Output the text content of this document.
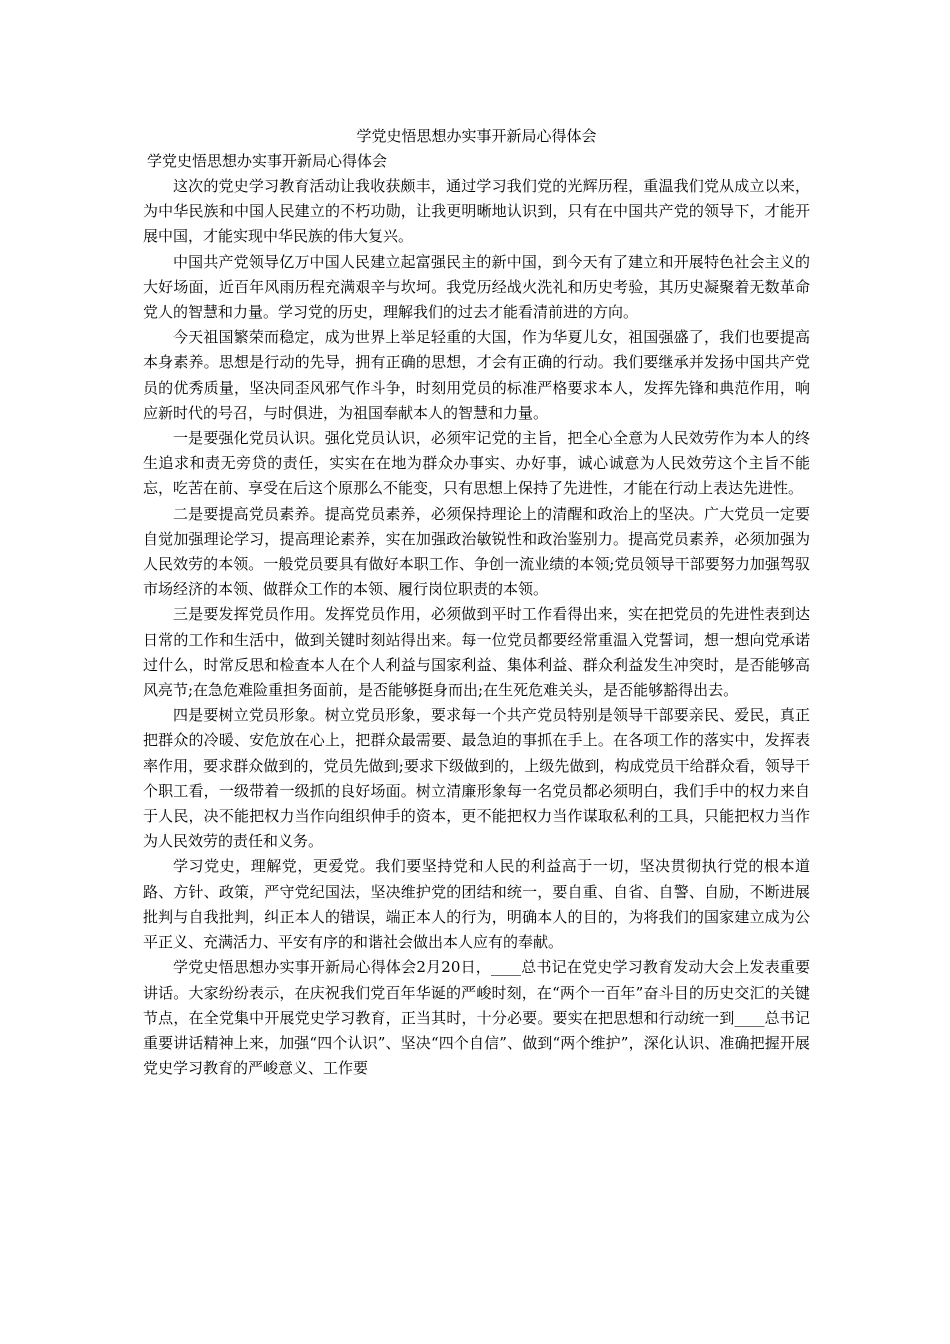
学党史悟思想办实事开新局心得体会
学党史悟思想办实事开新局心得体会

这次的党史学习教育活动让我收获颇丰，通过学习我们党的光辉历程，重温我们党从成立以来，为中华民族和中国人民建立的不朽功勋，让我更明晰地认识到，只有在中国共产党的领导下，才能开展中国，才能实现中华民族的伟大复兴。

中国共产党领导亿万中国人民建立起富强民主的新中国，到今天有了建立和开展特色社会主义的大好场面，近百年风雨历程充满艰辛与坎坷。我党历经战火洗礼和历史考验，其历史凝聚着无数革命党人的智慧和力量。学习党的历史，理解我们的过去才能看清前进的方向。

今天祖国繁荣而稳定，成为世界上举足轻重的大国，作为华夏儿女，祖国强盛了，我们也要提高本身素养。思想是行动的先导，拥有正确的思想，才会有正确的行动。我们要继承并发扬中国共产党员的优秀质量，坚决同歪风邪气作斗争，时刻用党员的标准严格要求本人，发挥先锋和典范作用，响应新时代的号召，与时俱进，为祖国奉献本人的智慧和力量。

一是要强化党员认识。强化党员认识，必须牢记党的主旨，把全心全意为人民效劳作为本人的终生追求和责无旁贷的责任，实实在在地为群众办事实、办好事，诚心诚意为人民效劳这个主旨不能忘，吃苦在前、享受在后这个原那么不能变，只有思想上保持了先进性，才能在行动上表达先进性。

二是要提高党员素养。提高党员素养，必须保持理论上的清醒和政治上的坚决。广大党员一定要自觉加强理论学习，提高理论素养，实在加强政治敏锐性和政治鉴别力。提高党员素养，必须加强为人民效劳的本领。一般党员要具有做好本职工作、争创一流业绩的本领;党员领导干部要努力加强驾驭市场经济的本领、做群众工作的本领、履行岗位职责的本领。

三是要发挥党员作用。发挥党员作用，必须做到平时工作看得出来，实在把党员的先进性表到达日常的工作和生活中，做到关键时刻站得出来。每一位党员都要经常重温入党誓词，想一想向党承诺过什么，时常反思和检查本人在个人利益与国家利益、集体利益、群众利益发生冲突时，是否能够高风亮节;在急危难险重担务面前，是否能够挺身而出;在生死危难关头，是否能够豁得出去。

四是要树立党员形象。树立党员形象，要求每一个共产党员特别是领导干部要亲民、爱民，真正把群众的冷暖、安危放在心上，把群众最需要、最急迫的事抓在手上。在各项工作的落实中，发挥表率作用，要求群众做到的，党员先做到;要求下级做到的，上级先做到，构成党员干给群众看，领导干个职工看，一级带着一级抓的良好场面。树立清廉形象每一名党员都必须明白，我们手中的权力来自于人民，决不能把权力当作向组织伸手的资本，更不能把权力当作谋取私利的工具，只能把权力当作为人民效劳的责任和义务。

学习党史，理解党，更爱党。我们要坚持党和人民的利益高于一切，坚决贯彻执行党的根本道路、方针、政策，严守党纪国法，坚决维护党的团结和统一，要自重、自省、自警、自励，不断进展批判与自我批判，纠正本人的错误，端正本人的行为，明确本人的目的，为将我们的国家建立成为公平正义、充满活力、平安有序的和谐社会做出本人应有的奉献。

学党史悟思想办实事开新局心得体会2月20日，____总书记在党史学习教育发动大会上发表重要讲话。大家纷纷表示，在庆祝我们党百年华诞的严峻时刻，在“两个一百年”奋斗目的历史交汇的关键节点，在全党集中开展党史学习教育，正当其时，十分必要。要实在把思想和行动统一到____总书记重要讲话精神上来，加强“四个认识”、坚决“四个自信”、做到“两个维护”，深化认识、准确把握开展党史学习教育的严峻意义、工作要
